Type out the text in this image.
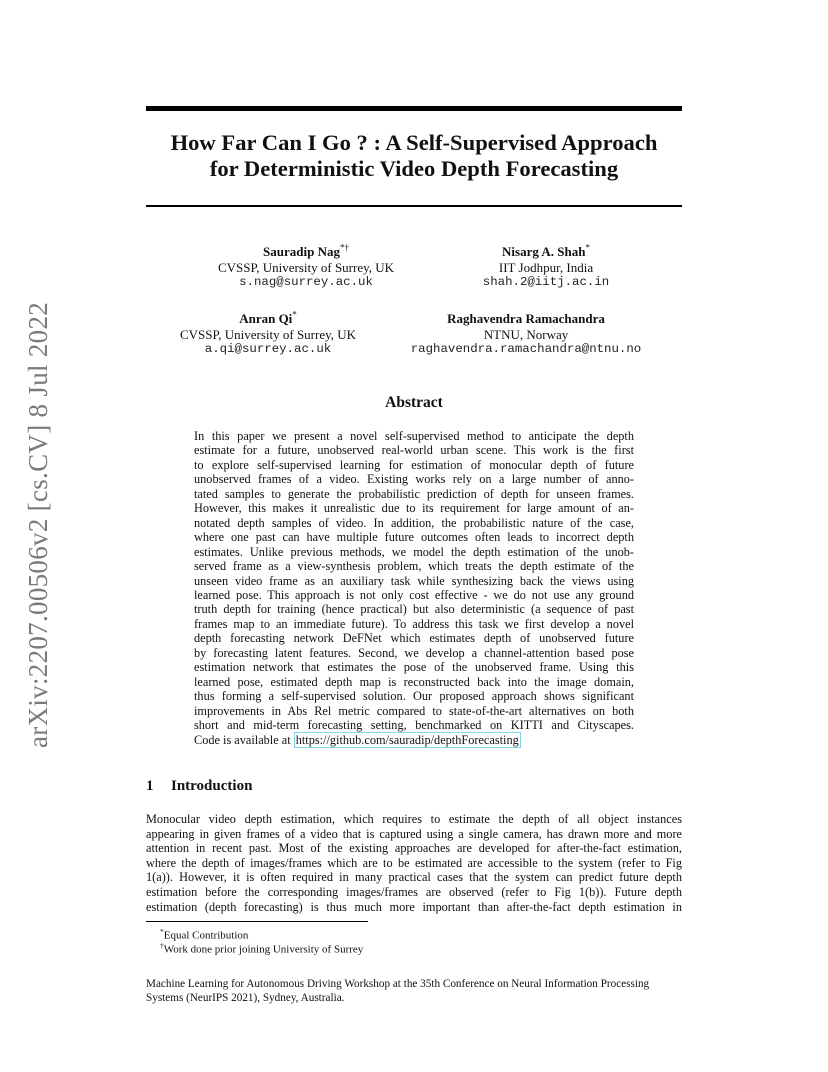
arXiv:2207.00506v2 [cs.CV] 8 Jul 2022
How Far Can I Go ? : A Self-Supervised Approach
for Deterministic Video Depth Forecasting
Sauradip Nag*†
CVSSP, University of Surrey, UK
s.nag@surrey.ac.uk
Nisarg A. Shah*
IIT Jodhpur, India
shah.2@iitj.ac.in
Anran Qi*
CVSSP, University of Surrey, UK
a.qi@surrey.ac.uk
Raghavendra Ramachandra
NTNU, Norway
raghavendra.ramachandra@ntnu.no
Abstract
In this paper we present a novel self-supervised method to anticipate the depth
estimate for a future, unobserved real-world urban scene. This work is the first
to explore self-supervised learning for estimation of monocular depth of future
unobserved frames of a video. Existing works rely on a large number of anno-
tated samples to generate the probabilistic prediction of depth for unseen frames.
However, this makes it unrealistic due to its requirement for large amount of an-
notated depth samples of video. In addition, the probabilistic nature of the case,
where one past can have multiple future outcomes often leads to incorrect depth
estimates. Unlike previous methods, we model the depth estimation of the unob-
served frame as a view-synthesis problem, which treats the depth estimate of the
unseen video frame as an auxiliary task while synthesizing back the views using
learned pose. This approach is not only cost effective - we do not use any ground
truth depth for training (hence practical) but also deterministic (a sequence of past
frames map to an immediate future). To address this task we first develop a novel
depth forecasting network DeFNet which estimates depth of unobserved future
by forecasting latent features. Second, we develop a channel-attention based pose
estimation network that estimates the pose of the unobserved frame. Using this
learned pose, estimated depth map is reconstructed back into the image domain,
thus forming a self-supervised solution. Our proposed approach shows significant
improvements in Abs Rel metric compared to state-of-the-art alternatives on both
short and mid-term forecasting setting, benchmarked on KITTI and Cityscapes.
Code is available at https://github.com/sauradip/depthForecasting
1 Introduction
Monocular video depth estimation, which requires to estimate the depth of all object instances
appearing in given frames of a video that is captured using a single camera, has drawn more and more
attention in recent past. Most of the existing approaches are developed for after-the-fact estimation,
where the depth of images/frames which are to be estimated are accessible to the system (refer to Fig
1(a)). However, it is often required in many practical cases that the system can predict future depth
estimation before the corresponding images/frames are observed (refer to Fig 1(b)). Future depth
estimation (depth forecasting) is thus much more important than after-the-fact depth estimation in
*Equal Contribution
†Work done prior joining University of Surrey
Machine Learning for Autonomous Driving Workshop at the 35th Conference on Neural Information Processing
Systems (NeurIPS 2021), Sydney, Australia.
